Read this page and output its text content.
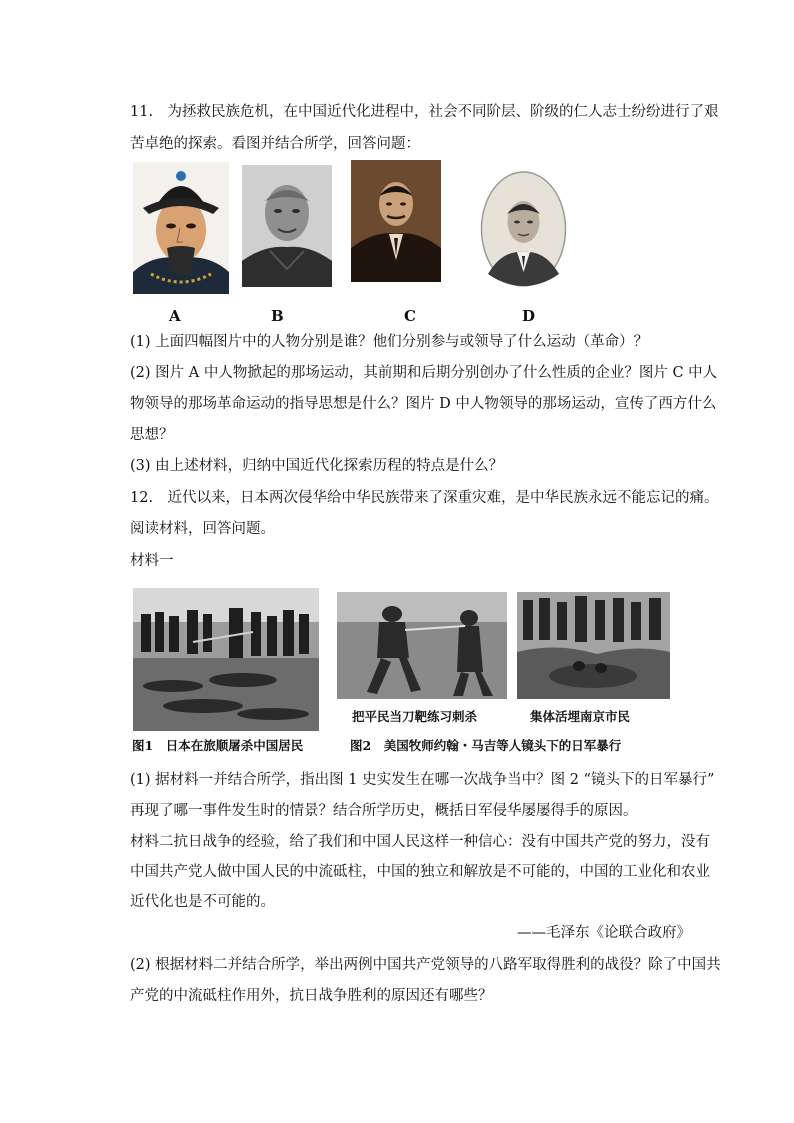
11.　为拯救民族危机，在中国近代化进程中，社会不同阶层、阶级的仁人志士纷纷进行了艰
苦卓绝的探索。看图并结合所学，回答问题：
A	B	C	D
(1) 上面四幅图片中的人物分别是谁？他们分别参与或领导了什么运动（革命）？
(2) 图片 A 中人物掀起的那场运动，其前期和后期分别创办了什么性质的企业？图片 C 中人
物领导的那场革命运动的指导思想是什么？图片 D 中人物领导的那场运动，宣传了西方什么
思想？
(3) 由上述材料，归纳中国近代化探索历程的特点是什么？
12.　近代以来，日本两次侵华给中华民族带来了深重灾难，是中华民族永远不能忘记的痛。
阅读材料，回答问题。
材料一
把平民当刀靶练习刺杀	集体活埋南京市民
图1　日本在旅顺屠杀中国居民	图2　美国牧师约翰・马吉等人镜头下的日军暴行
(1) 据材料一并结合所学，指出图 1 史实发生在哪一次战争当中？图 2 “镜头下的日军暴行”
再现了哪一事件发生时的情景？结合所学历史，概括日军侵华屡屡得手的原因。
材料二抗日战争的经验，给了我们和中国人民这样一种信心：没有中国共产党的努力，没有
中国共产党人做中国人民的中流砥柱，中国的独立和解放是不可能的，中国的工业化和农业
近代化也是不可能的。
——毛泽东《论联合政府》
(2) 根据材料二并结合所学，举出两例中国共产党领导的八路军取得胜利的战役？除了中国共
产党的中流砥柱作用外，抗日战争胜利的原因还有哪些？
